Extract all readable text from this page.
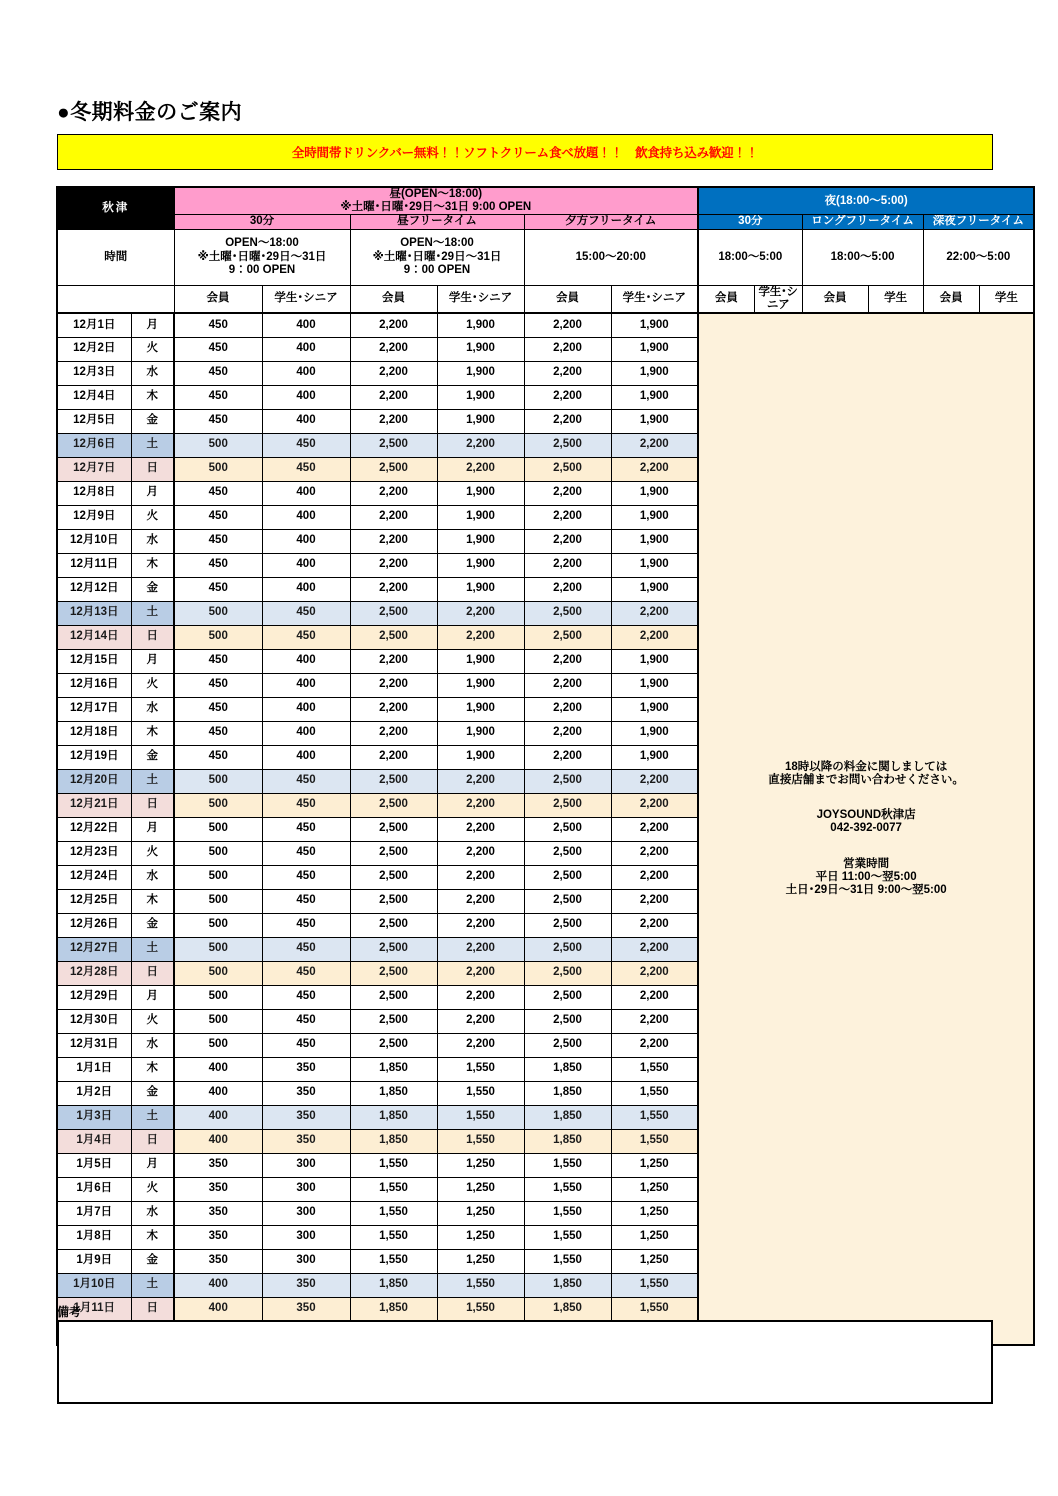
●冬期料金のご案内
全時間帯ドリンクバー無料！！ソフトクリーム食べ放題！！　飲食持ち込み歓迎！！
秋津		昼(OPEN～18:00)
※土曜･日曜･29日～31日 9:00 OPEN						夜(18:00～5:00)					
		30分		昼フリータイム		夕方フリータイム		30分		ロングフリータイム		深夜フリータイム	
時間		OPEN～18:00
※土曜･日曜･29日～31日
9：00 OPEN		OPEN～18:00
※土曜･日曜･29日～31日
9：00 OPEN		15:00～20:00		18:00～5:00		18:00～5:00		22:00～5:00	
		会員	学生･シニア	会員	学生･シニア	会員	学生･シニア	会員	学生･シニア	会員	学生	会員	学生
12月1日	月	450	400	2,200	1,900	2,200	1,900	
18時以降の料金に関しましては
直接店舗までお問い合わせください。
JOYSOUND秋津店
042-392-0077
営業時間
平日 11:00～翌5:00
土日･29日～31日 9:00～翌5:00

12月2日	火	450	400	2,200	1,900	2,200	1,900						
12月3日	水	450	400	2,200	1,900	2,200	1,900						
12月4日	木	450	400	2,200	1,900	2,200	1,900						
12月5日	金	450	400	2,200	1,900	2,200	1,900						
12月6日	土	500	450	2,500	2,200	2,500	2,200						
12月7日	日	500	450	2,500	2,200	2,500	2,200						
12月8日	月	450	400	2,200	1,900	2,200	1,900						
12月9日	火	450	400	2,200	1,900	2,200	1,900						
12月10日	水	450	400	2,200	1,900	2,200	1,900						
12月11日	木	450	400	2,200	1,900	2,200	1,900						
12月12日	金	450	400	2,200	1,900	2,200	1,900						
12月13日	土	500	450	2,500	2,200	2,500	2,200						
12月14日	日	500	450	2,500	2,200	2,500	2,200						
12月15日	月	450	400	2,200	1,900	2,200	1,900						
12月16日	火	450	400	2,200	1,900	2,200	1,900						
12月17日	水	450	400	2,200	1,900	2,200	1,900						
12月18日	木	450	400	2,200	1,900	2,200	1,900						
12月19日	金	450	400	2,200	1,900	2,200	1,900						
12月20日	土	500	450	2,500	2,200	2,500	2,200						
12月21日	日	500	450	2,500	2,200	2,500	2,200						
12月22日	月	500	450	2,500	2,200	2,500	2,200						
12月23日	火	500	450	2,500	2,200	2,500	2,200						
12月24日	水	500	450	2,500	2,200	2,500	2,200						
12月25日	木	500	450	2,500	2,200	2,500	2,200						
12月26日	金	500	450	2,500	2,200	2,500	2,200						
12月27日	土	500	450	2,500	2,200	2,500	2,200						
12月28日	日	500	450	2,500	2,200	2,500	2,200						
12月29日	月	500	450	2,500	2,200	2,500	2,200						
12月30日	火	500	450	2,500	2,200	2,500	2,200						
12月31日	水	500	450	2,500	2,200	2,500	2,200						
1月1日	木	400	350	1,850	1,550	1,850	1,550						
1月2日	金	400	350	1,850	1,550	1,850	1,550						
1月3日	土	400	350	1,850	1,550	1,850	1,550						
1月4日	日	400	350	1,850	1,550	1,850	1,550						
1月5日	月	350	300	1,550	1,250	1,550	1,250						
1月6日	火	350	300	1,550	1,250	1,550	1,250						
1月7日	水	350	300	1,550	1,250	1,550	1,250						
1月8日	木	350	300	1,550	1,250	1,550	1,250						
1月9日	金	350	300	1,550	1,250	1,550	1,250						
1月10日	土	400	350	1,850	1,550	1,850	1,550						
1月11日	日	400	350	1,850	1,550	1,850	1,550						

備考
